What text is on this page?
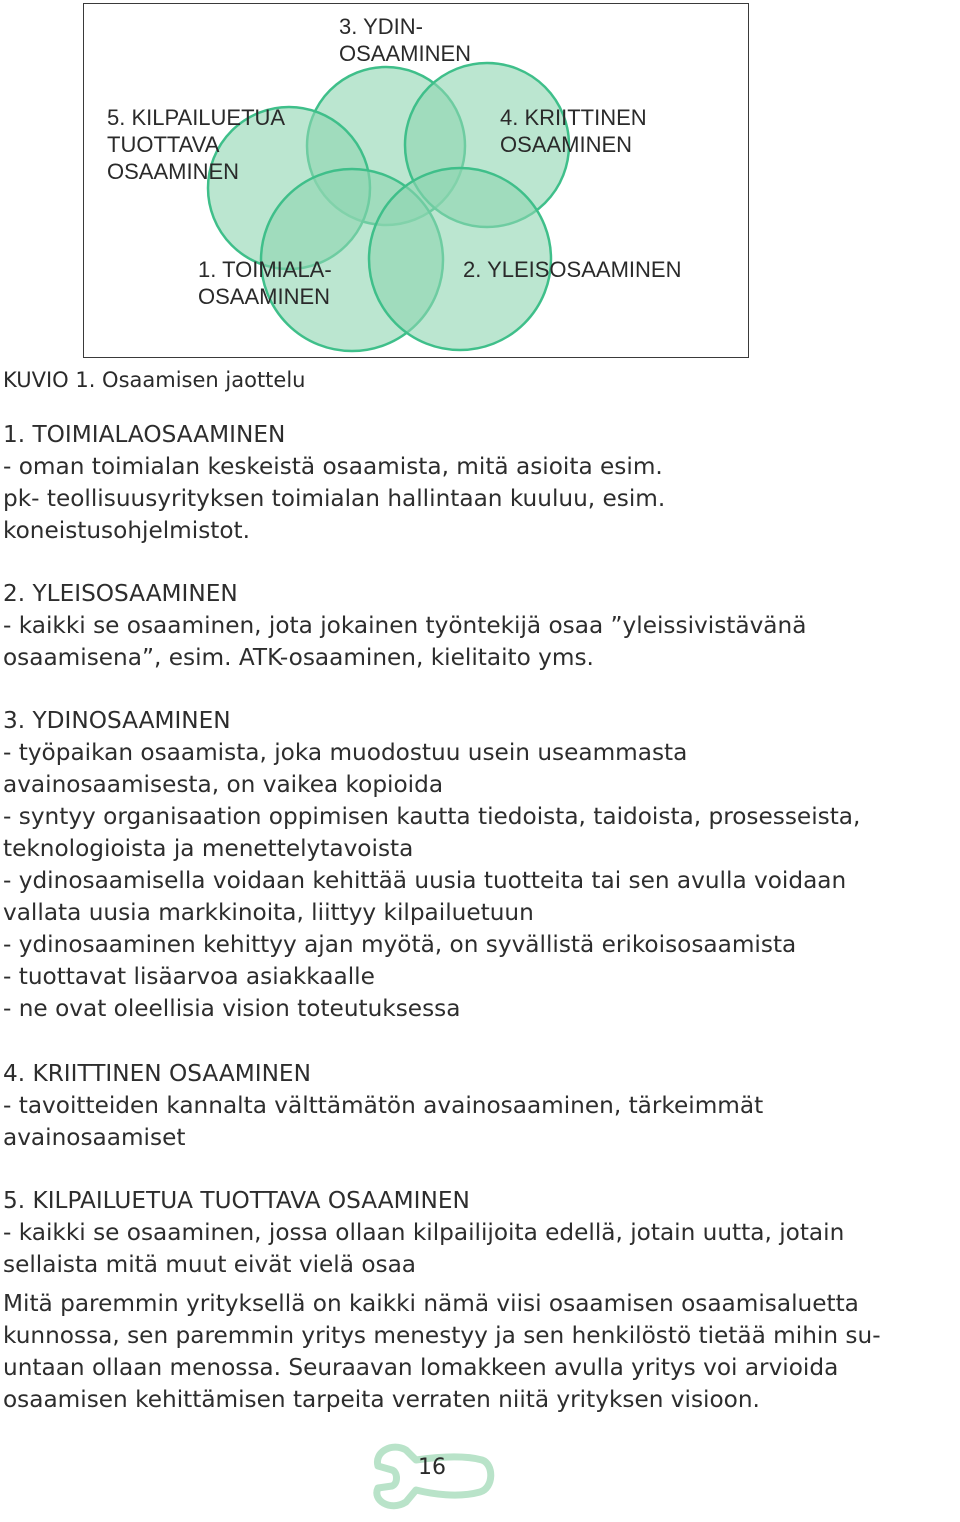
3. YDIN-
OSAAMINEN
5. KILPAILUETUA
TUOTTAVA
OSAAMINEN
4. KRIITTINEN
OSAAMINEN
1. TOIMIALA-
OSAAMINEN
2. YLEISOSAAMINEN
KUVIO 1. Osaamisen jaottelu
1. TOIMIALAOSAAMINEN
- oman toimialan keskeistä osaamista, mitä asioita esim.
pk- teollisuusyrityksen toimialan hallintaan kuuluu, esim.
koneistusohjelmistot.
2. YLEISOSAAMINEN
- kaikki se osaaminen, jota jokainen työntekijä osaa ”yleissivistävänä
osaamisena”, esim. ATK-osaaminen, kielitaito yms.
3. YDINOSAAMINEN
- työpaikan osaamista, joka muodostuu usein useammasta
avainosaamisesta, on vaikea kopioida
- syntyy organisaation oppimisen kautta tiedoista, taidoista, prosesseista,
teknologioista ja menettelytavoista
- ydinosaamisella voidaan kehittää uusia tuotteita tai sen avulla voidaan
vallata uusia markkinoita, liittyy kilpailuetuun
- ydinosaaminen kehittyy ajan myötä, on syvällistä erikoisosaamista
- tuottavat lisäarvoa asiakkaalle
- ne ovat oleellisia vision toteutuksessa
4. KRIITTINEN OSAAMINEN
- tavoitteiden kannalta välttämätön avainosaaminen, tärkeimmät
avainosaamiset
5. KILPAILUETUA TUOTTAVA OSAAMINEN
- kaikki se osaaminen, jossa ollaan kilpailijoita edellä, jotain uutta, jotain
sellaista mitä muut eivät vielä osaa
Mitä paremmin yrityksellä on kaikki nämä viisi osaamisen osaamisaluetta
kunnossa, sen paremmin yritys menestyy ja sen henkilöstö tietää mihin su-
untaan ollaan menossa. Seuraavan lomakkeen avulla yritys voi arvioida
osaamisen kehittämisen tarpeita verraten niitä yrityksen visioon.
16
